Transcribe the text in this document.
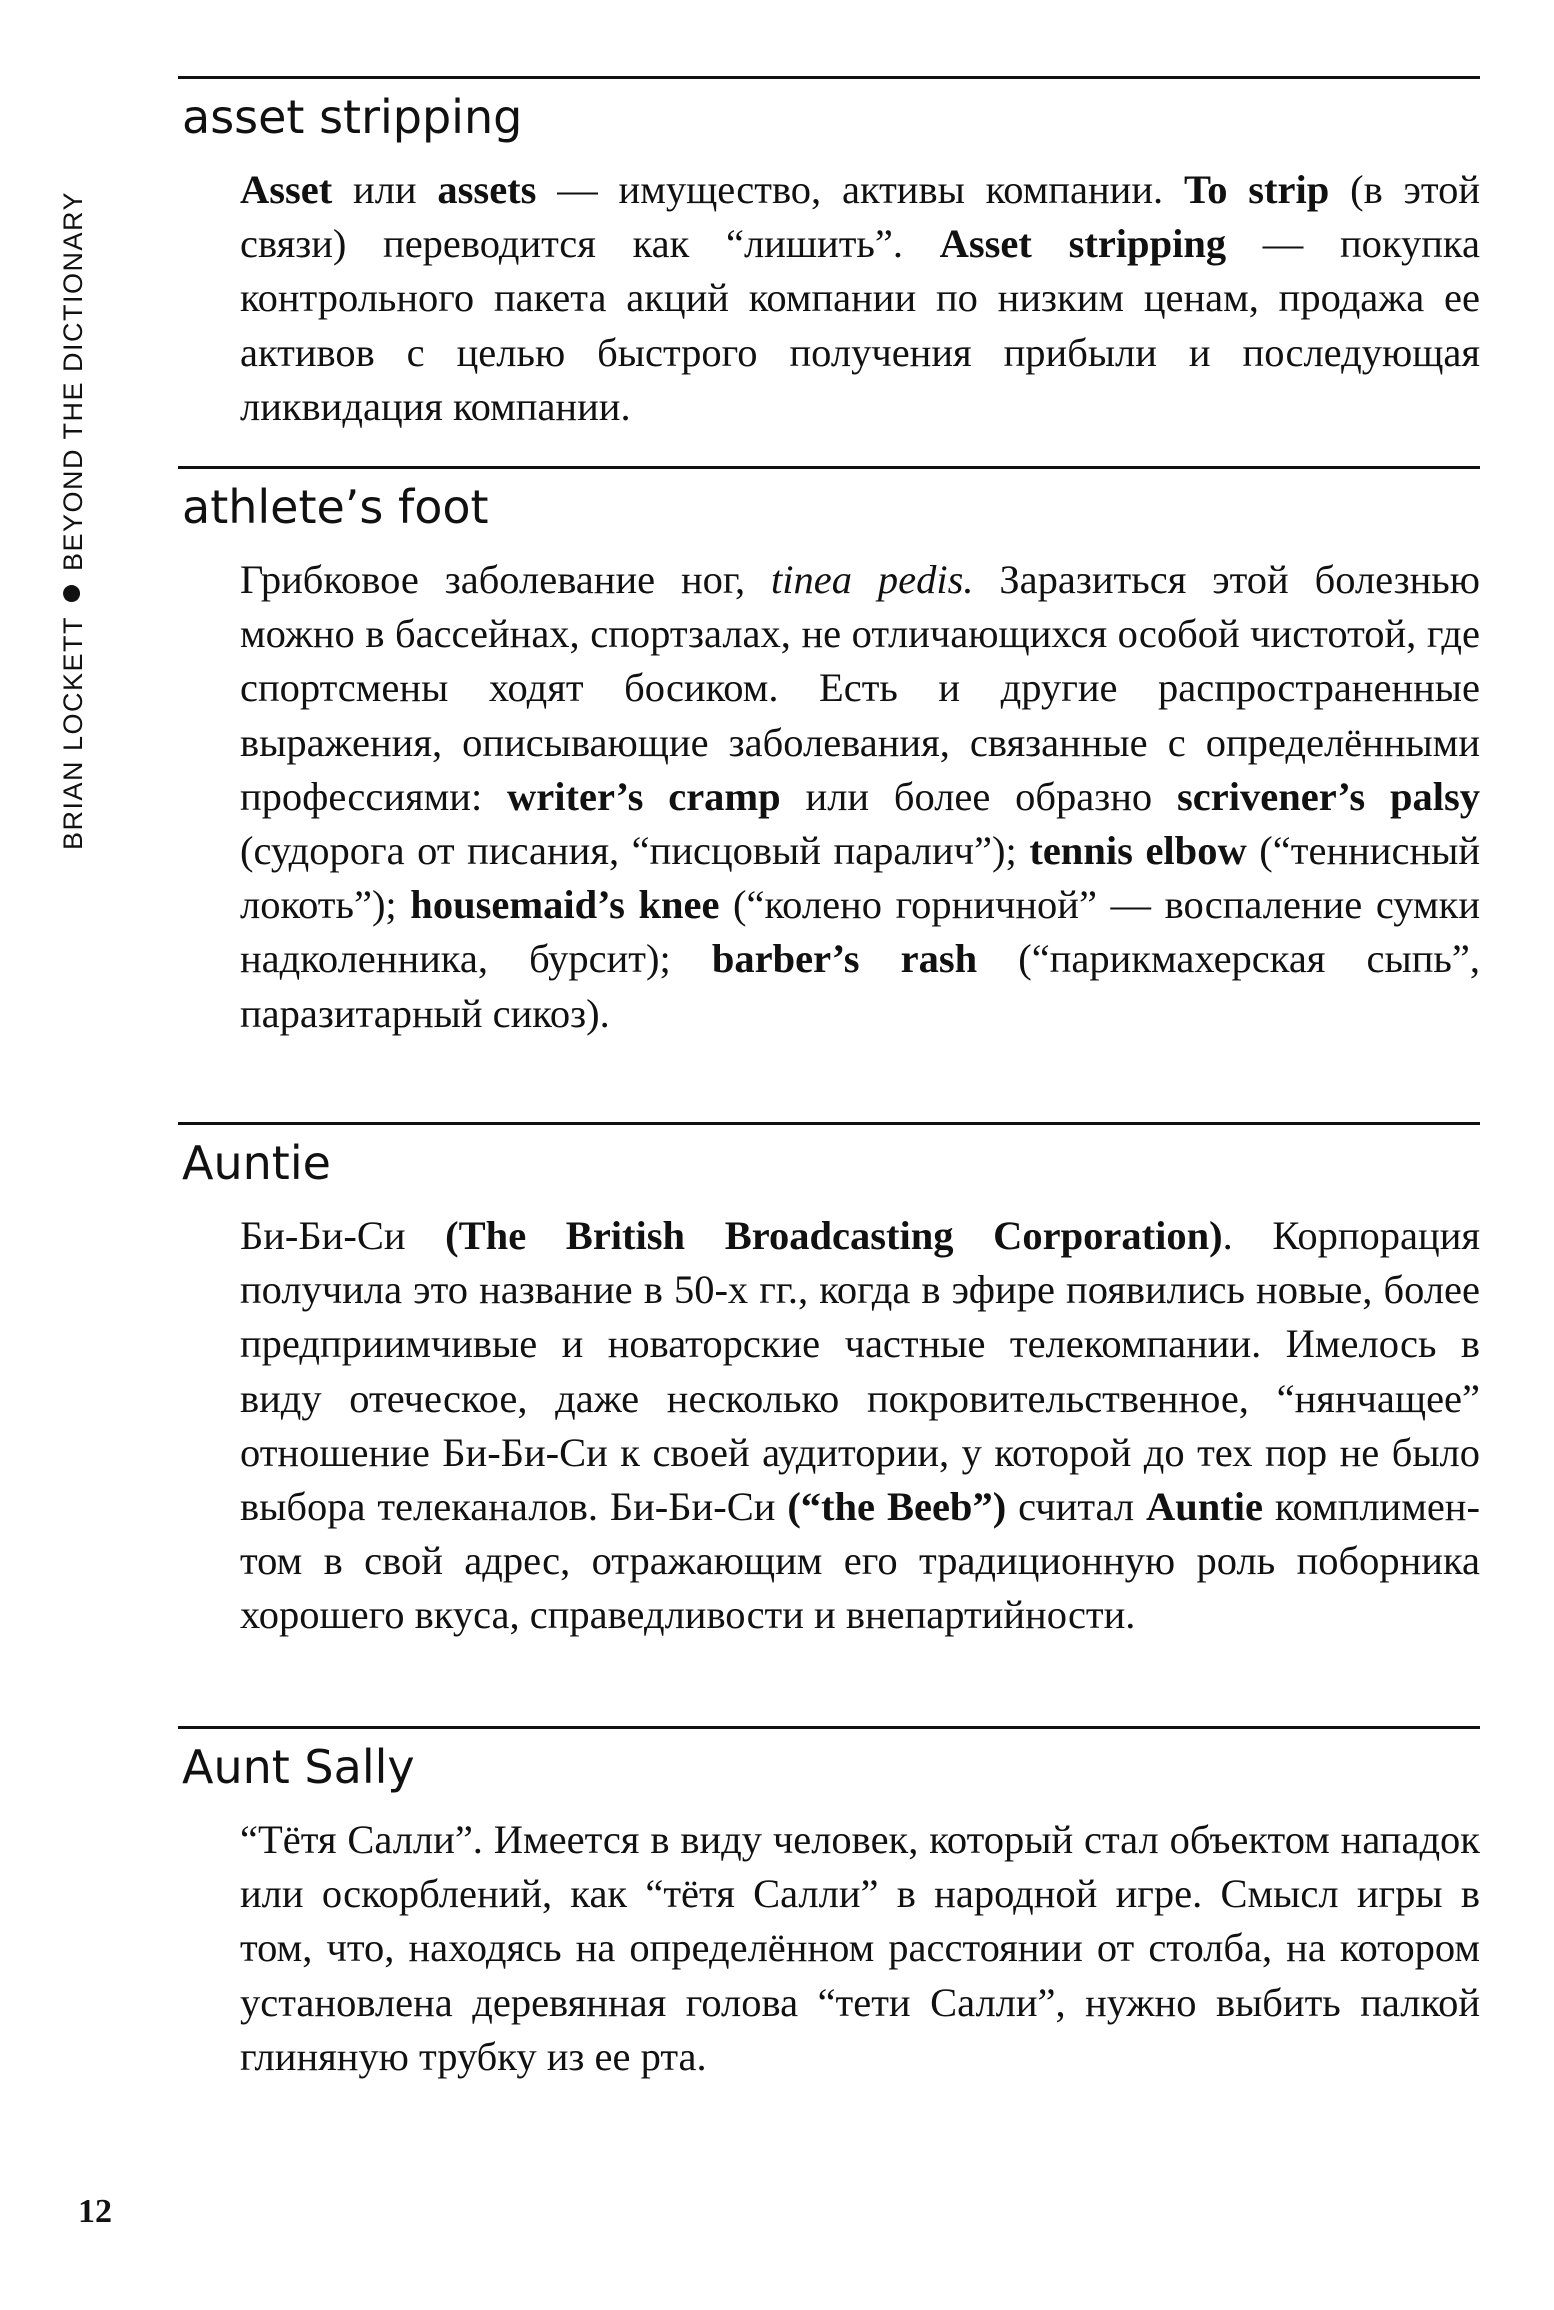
BRIAN LOCKETTBEYOND THE DICTIONARY
asset stripping
Asset или assets — имущество, активы компании. To strip (в этой связи) переводится как “лишить”. Asset stripping — покупка контрольного пакета акций компании по низким ценам, продажа ее активов с целью быстрого получения прибыли и последующая ликвидация компании.
athlete’s foot
Грибковое заболевание ног, tinea pedis. Заразиться этой болезнью можно в бассейнах, спортзалах, не отличающихся особой чистотой, где спортсмены ходят босиком. Есть и другие распространенные выражения, описывающие заболевания, связанные с определёнными профессиями: writer’s cramp или более образно scrivener’s palsy (судорога от писания, “писцовый паралич”); tennis elbow (“теннисный локоть”); housemaid’s knee (“колено горничной” — воспаление сумки надколенника, бурсит); barber’s rash (“парикмахерская сыпь”, паразитарный сикоз).
Auntie
Би-Би-Си (The British Broadcasting Corporation). Корпорация получила это название в 50-х гг., когда в эфире появились новые, более предприимчивые и новаторские частные телекомпании. Имелось в виду отеческое, даже несколько покровительственное, “нянчащее” отношение Би-Би-Си к своей аудитории, у которой до тех пор не было выбора телеканалов. Би-Би-Си (“the Beeb”) считал Auntie комплиментом в свой адрес, отражающим его традиционную роль поборника хорошего вкуса, справедливости и внепартийности.
Aunt Sally
“Тётя Салли”. Имеется в виду человек, который стал объектом нападок или оскорблений, как “тётя Салли” в народной игре. Смысл игры в том, что, находясь на определённом расстоянии от столба, на котором установлена деревянная голова “тети Салли”, нужно выбить палкой глиняную трубку из ее рта.
12
